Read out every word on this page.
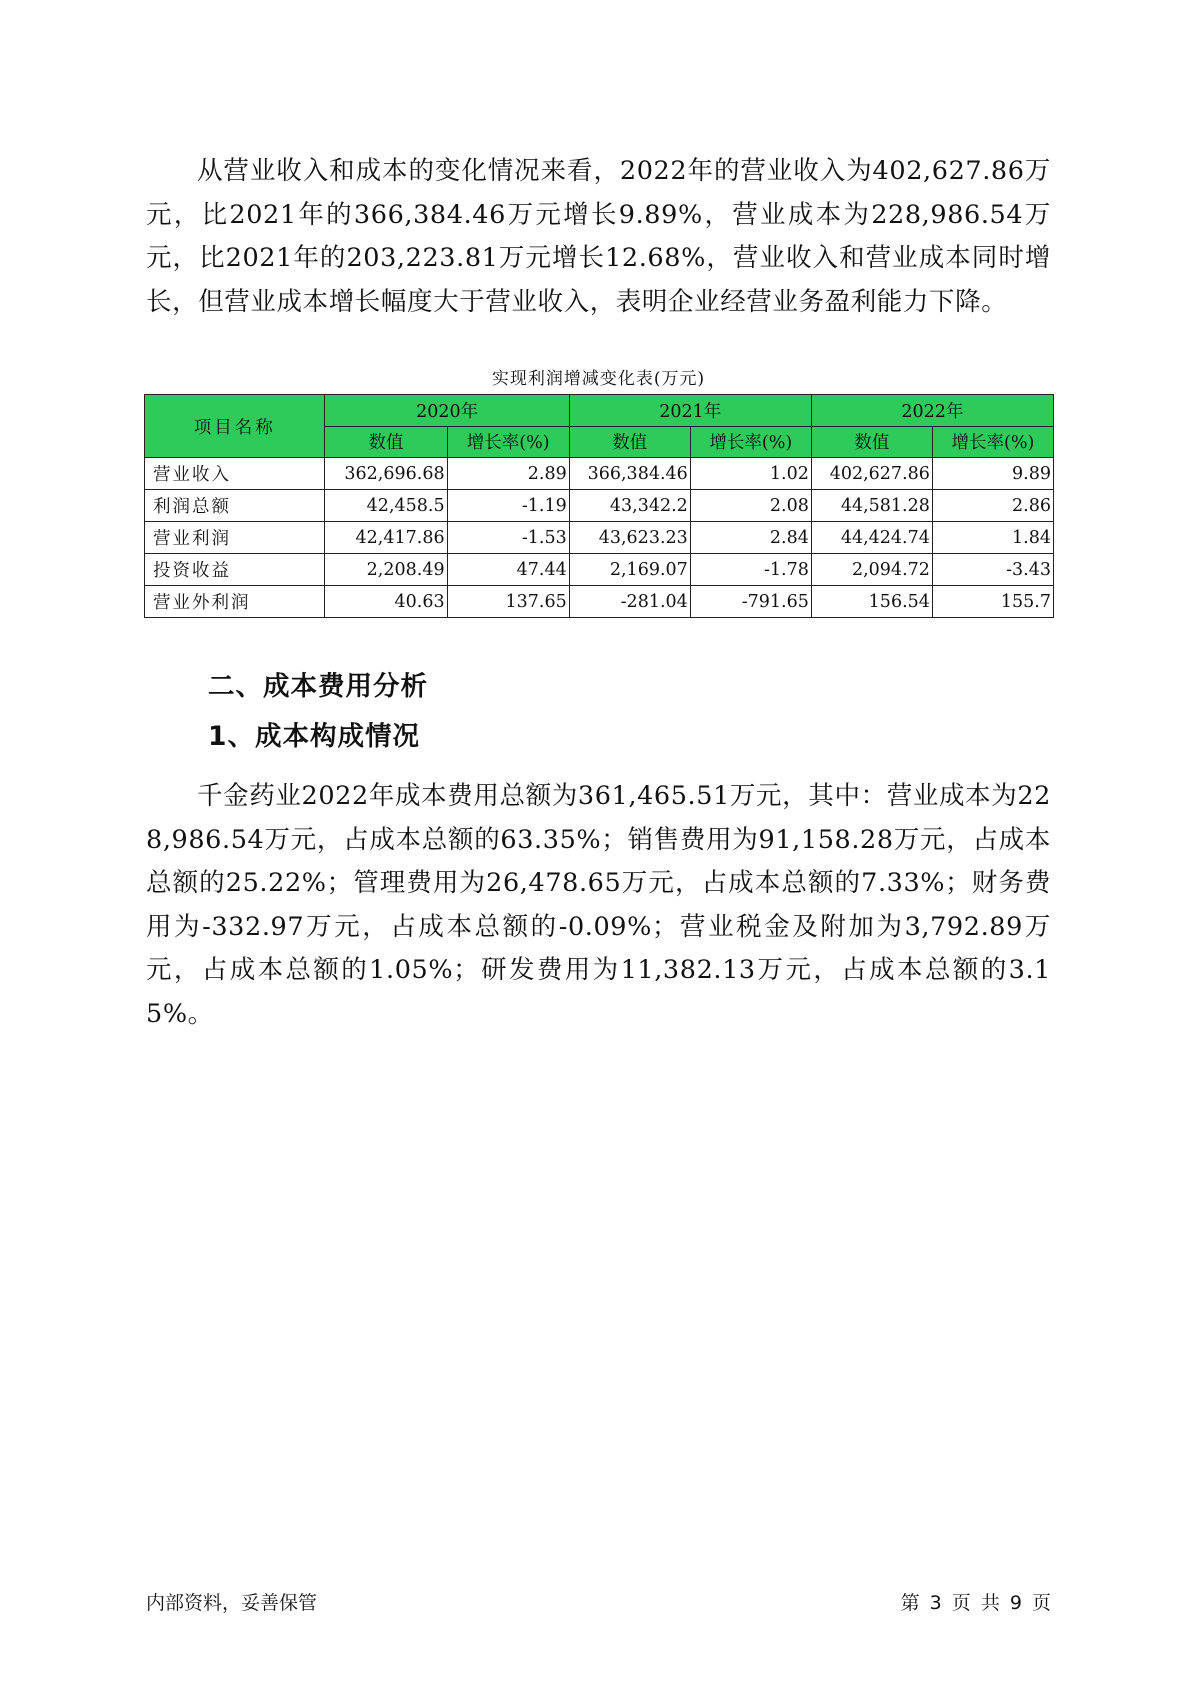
从营业收入和成本的变化情况来看，2022年的营业收入为402,627.86万元，比2021年的366,384.46万元增长9.89%，营业成本为228,986.54万元，比2021年的203,223.81万元增长12.68%，营业收入和营业成本同时增长，但营业成本增长幅度大于营业收入，表明企业经营业务盈利能力下降。

实现利润增减变化表(万元)
项目名称	2020年		2021年		2022年	
	数值	增长率(%)	数值	增长率(%)	数值	增长率(%)
营业收入	362,696.68	2.89	366,384.46	1.02	402,627.86	9.89
利润总额	42,458.5	-1.19	43,342.2	2.08	44,581.28	2.86
营业利润	42,417.86	-1.53	43,623.23	2.84	44,424.74	1.84
投资收益	2,208.49	47.44	2,169.07	-1.78	2,094.72	-3.43
营业外利润	40.63	137.65	-281.04	-791.65	156.54	155.7
二、成本费用分析
1、成本构成情况

千金药业2022年成本费用总额为361,465.51万元，其中：营业成本为228,986.54万元，占成本总额的63.35%；销售费用为91,158.28万元，占成本总额的25.22%；管理费用为26,478.65万元，占成本总额的7.33%；财务费用为-332.97万元，占成本总额的-0.09%；营业税金及附加为3,792.89万元，占成本总额的1.05%；研发费用为11,382.13万元，占成本总额的3.15%。

内部资料，妥善保管	第 3 页 共 9 页
